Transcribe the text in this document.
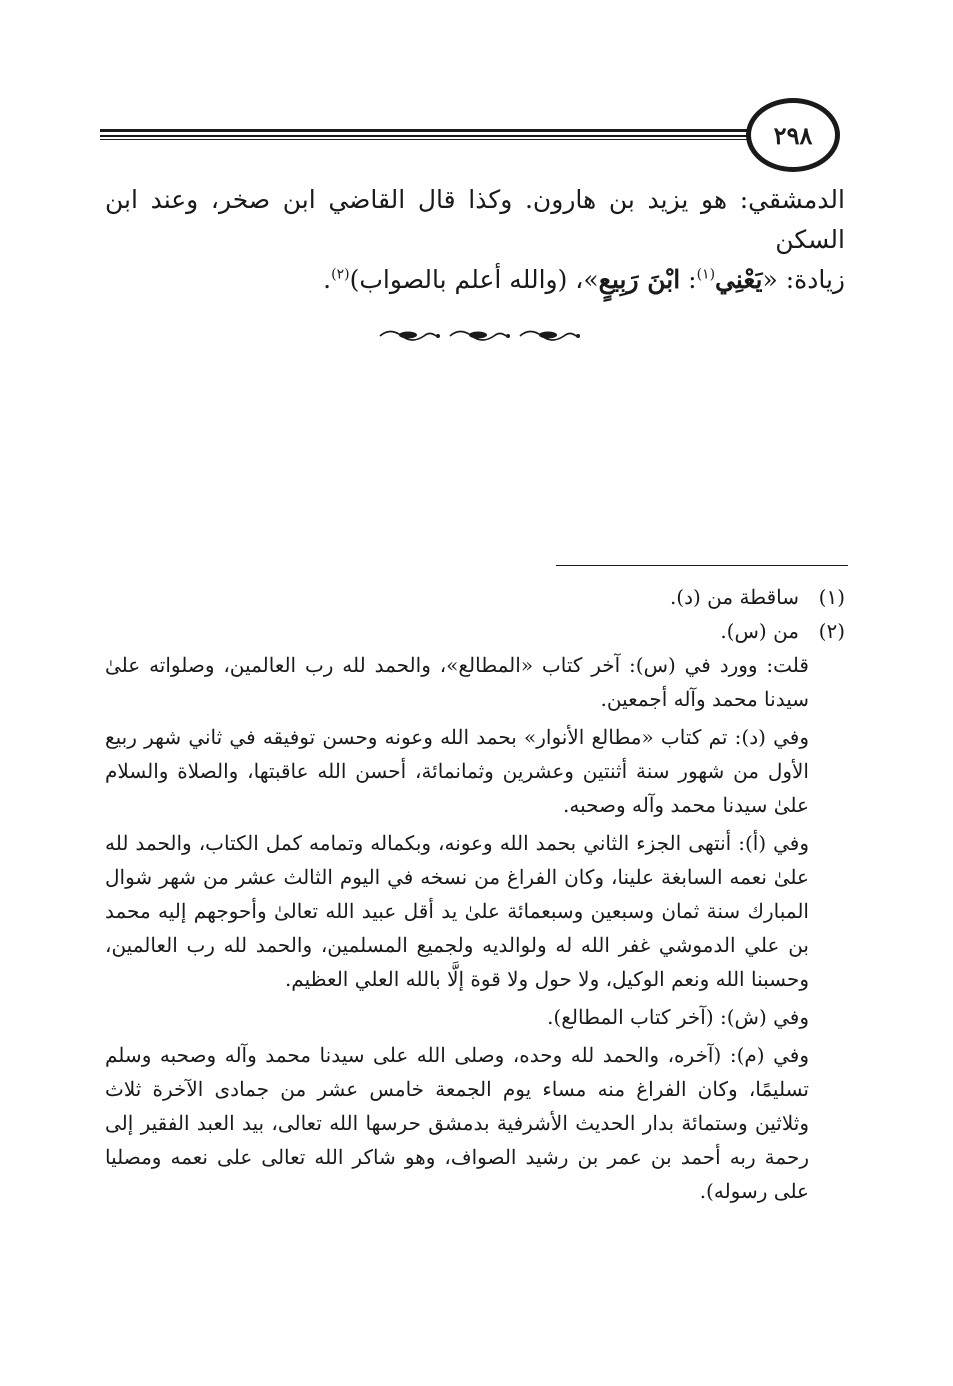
٢٩٨

الدمشقي: هو يزيد بن هارون. وكذا قال القاضي ابن صخر، وعند ابن السكن

زيادة: «يَعْنِي$^{(١)}$: ابْنَ رَبِيعٍ»، (والله أعلم بالصواب)$^{(٢)}$.

(١)
ساقطة من (د).
(٢)
من (س).

قلت: وورد في (س): آخر كتاب «المطالع»، والحمد لله رب العالمين، وصلواته علىٰ سيدنا محمد وآله أجمعين.

وفي (د): تم كتاب «مطالع الأنوار» بحمد الله وعونه وحسن توفيقه في ثاني شهر ربيع الأول من شهور سنة أثنتين وعشرين وثمانمائة، أحسن الله عاقبتها، والصلاة والسلام علىٰ سيدنا محمد وآله وصحبه.

وفي (أ): أنتهى الجزء الثاني بحمد الله وعونه، وبكماله وتمامه كمل الكتاب، والحمد لله علىٰ نعمه السابغة علينا، وكان الفراغ من نسخه في اليوم الثالث عشر من شهر شوال المبارك سنة ثمان وسبعين وسبعمائة علىٰ يد أقل عبيد الله تعالىٰ وأحوجهم إليه محمد بن علي الدموشي غفر الله له ولوالديه ولجميع المسلمين، والحمد لله رب العالمين، وحسبنا الله ونعم الوكيل، ولا حول ولا قوة إلَّا بالله العلي العظيم.

وفي (ش): (آخر كتاب المطالع).

وفي (م): (آخره، والحمد لله وحده، وصلى الله على سيدنا محمد وآله وصحبه وسلم تسليمًا، وكان الفراغ منه مساء يوم الجمعة خامس عشر من جمادى الآخرة ثلاث وثلاثين وستمائة بدار الحديث الأشرفية بدمشق حرسها الله تعالى، بيد العبد الفقير إلى رحمة ربه أحمد بن عمر بن رشيد الصواف، وهو شاكر الله تعالى على نعمه ومصليا على رسوله).
